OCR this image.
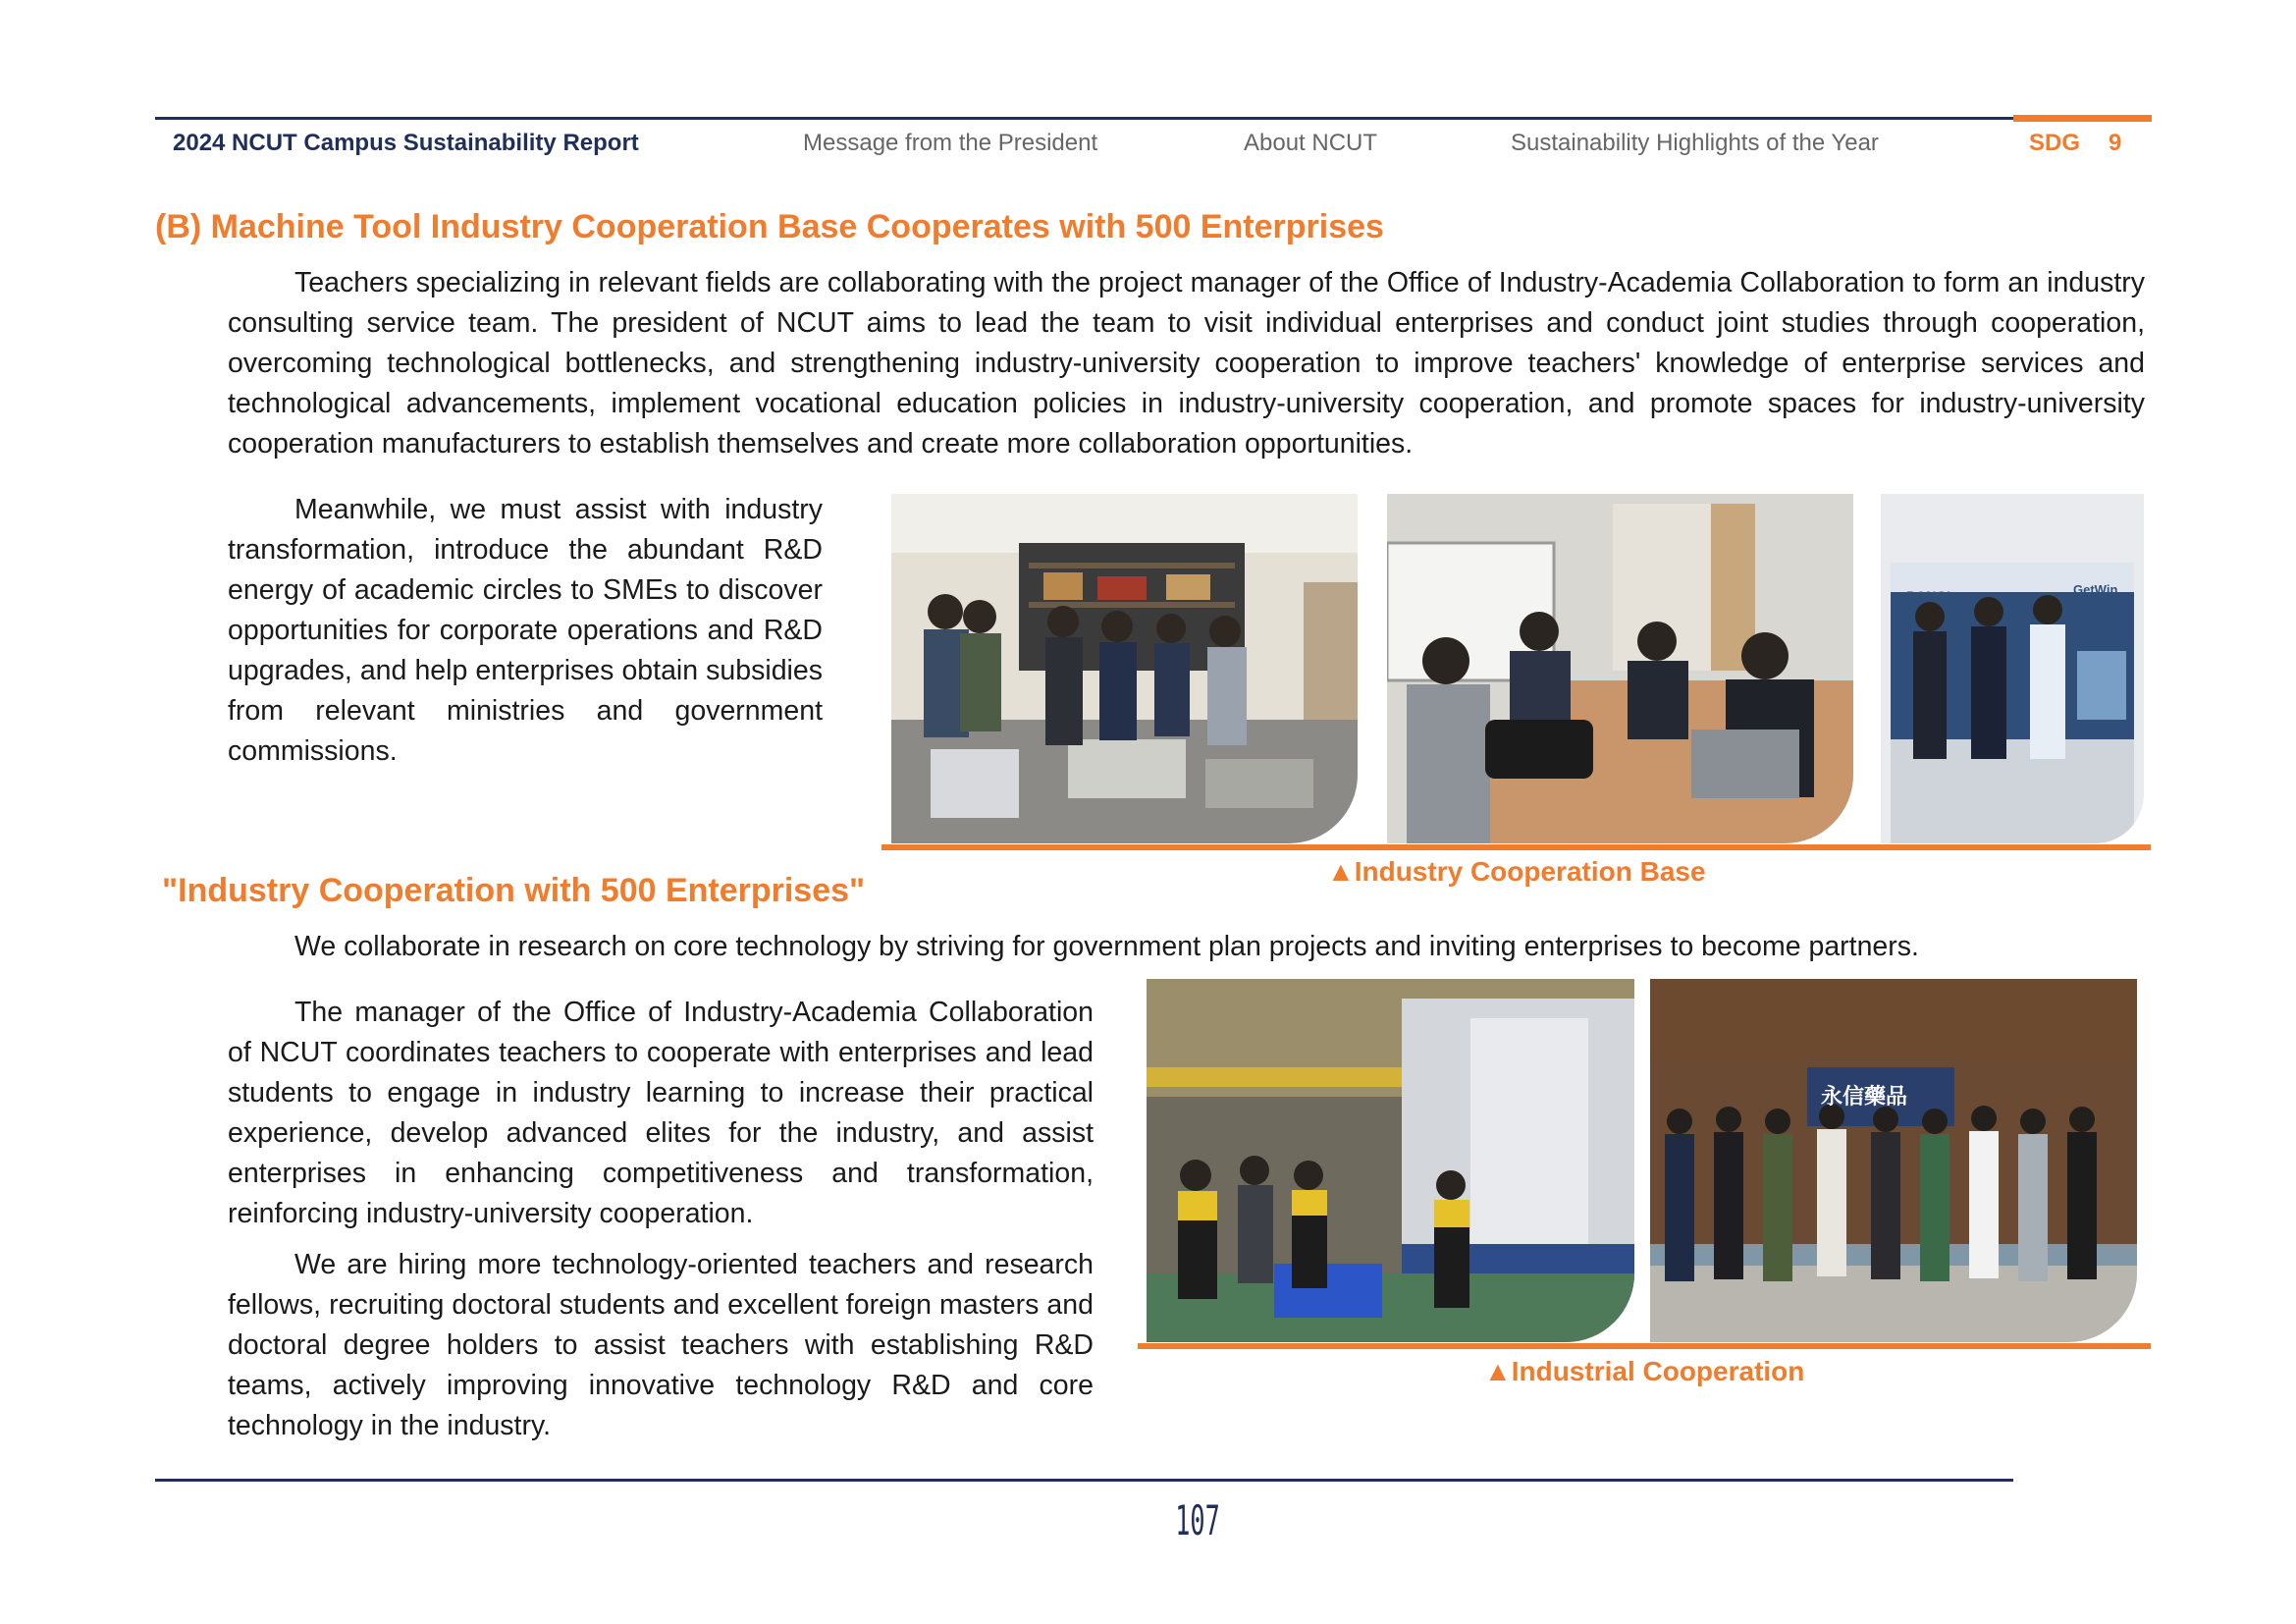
2024 NCUT Campus Sustainability Report	Message from the President	About NCUT	Sustainability Highlights of the Year	SDG 9
(B) Machine Tool Industry Cooperation Base Cooperates with 500 Enterprises

Teachers specializing in relevant fields are collaborating with the project manager of the Office of Industry-Academia Collaboration to form an industry consulting service team. The president of NCUT aims to lead the team to visit individual enterprises and conduct joint studies through cooperation, overcoming technological bottlenecks, and strengthening industry-university cooperation to improve teachers' knowledge of enterprise services and technological advancements, implement vocational education policies in industry-university cooperation, and promote spaces for industry-university cooperation manufacturers to establish themselves and create more collaboration opportunities.

Meanwhile, we must assist with industry transformation, introduce the abundant R&D energy of academic circles to SMEs to discover opportunities for corporate operations and R&D upgrades, and help enterprises obtain subsidies from relevant ministries and government commissions.

PONGI	GetWin
▲Industry Cooperation Base
"Industry Cooperation with 500 Enterprises"

We collaborate in research on core technology by striving for government plan projects and inviting enterprises to become partners.

The manager of the Office of Industry-Academia Collaboration of NCUT coordinates teachers to cooperate with enterprises and lead students to engage in industry learning to increase their practical experience, develop advanced elites for the industry, and assist enterprises in enhancing competitiveness and transformation, reinforcing industry-university cooperation.

We are hiring more technology-oriented teachers and research fellows, recruiting doctoral students and excellent foreign masters and doctoral degree holders to assist teachers with establishing R&D teams, actively improving innovative technology R&D and core technology in the industry.

永信藥品
▲Industrial Cooperation
107
